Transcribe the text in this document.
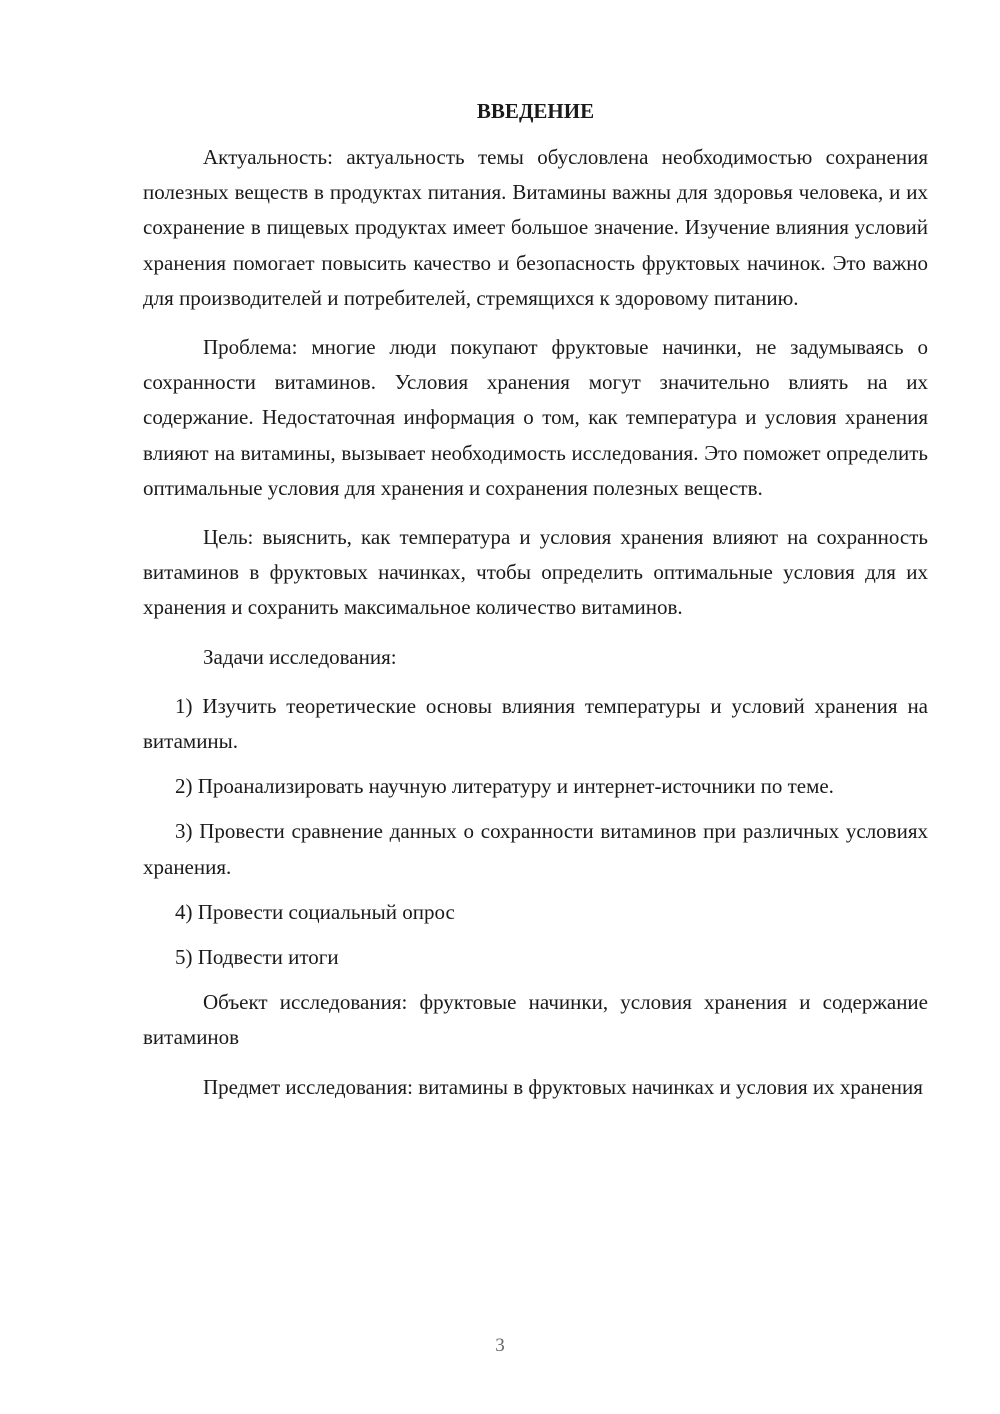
ВВЕДЕНИЕ

Актуальность: актуальность темы обусловлена необходимостью сохранения полезных веществ в продуктах питания. Витамины важны для здоровья человека, и их сохранение в пищевых продуктах имеет большое значение. Изучение влияния условий хранения помогает повысить качество и безопасность фруктовых начинок. Это важно для производителей и потребителей, стремящихся к здоровому питанию.

Проблема: многие люди покупают фруктовые начинки, не задумываясь о сохранности витаминов. Условия хранения могут значительно влиять на их содержание. Недостаточная информация о том, как температура и условия хранения влияют на витамины, вызывает необходимость исследования. Это поможет определить оптимальные условия для хранения и сохранения полезных веществ.

Цель: выяснить, как температура и условия хранения влияют на сохранность витаминов в фруктовых начинках, чтобы определить оптимальные условия для их хранения и сохранить максимальное количество витаминов.

Задачи исследования:

1) Изучить теоретические основы влияния температуры и условий хранения на витамины.

2) Проанализировать научную литературу и интернет-источники по теме.

3) Провести сравнение данных о сохранности витаминов при различных условиях хранения.

4) Провести социальный опрос

5) Подвести итоги

Объект исследования: фруктовые начинки, условия хранения и содержание витаминов

Предмет исследования: витамины в фруктовых начинках и условия их хранения

3
